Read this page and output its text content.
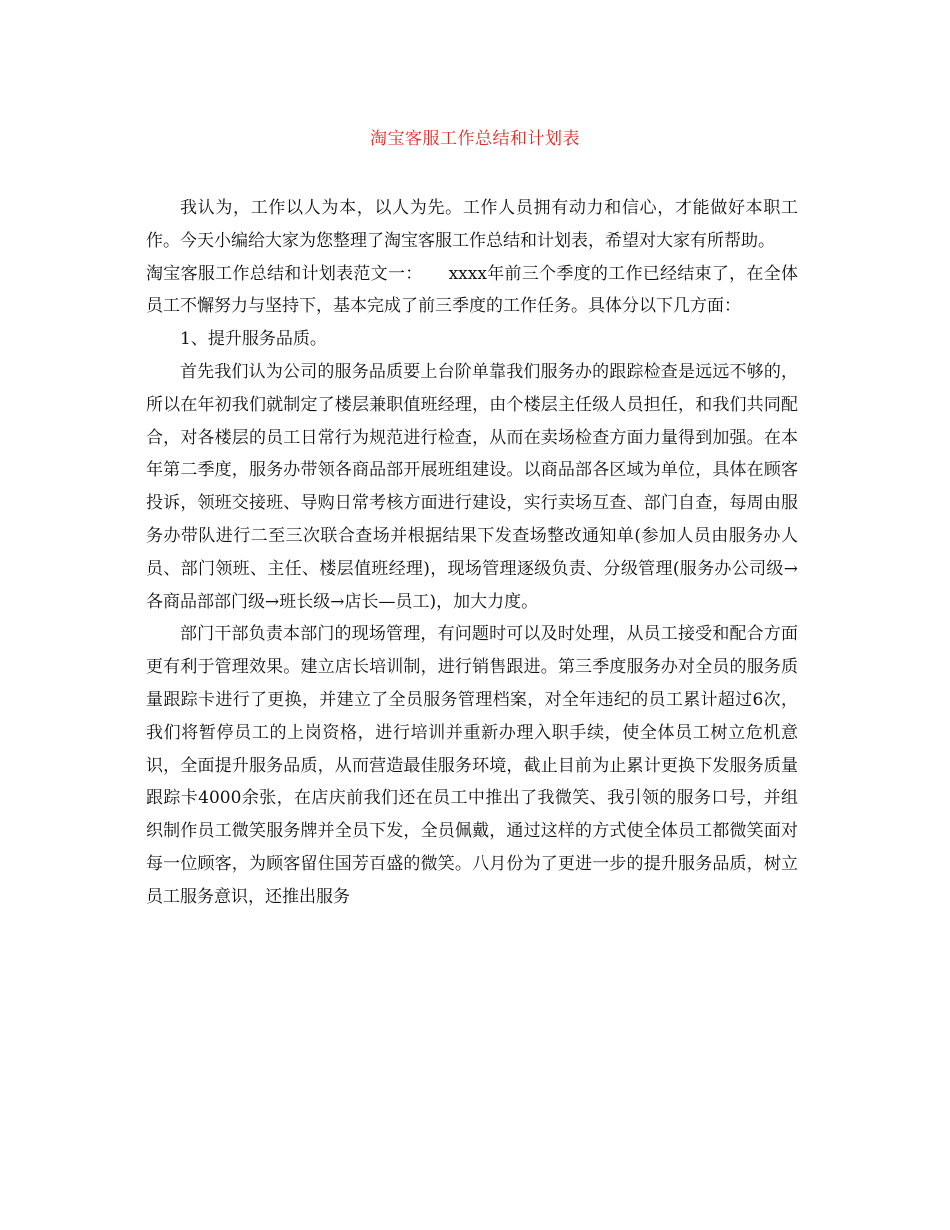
淘宝客服工作总结和计划表

我认为，工作以人为本，以人为先。工作人员拥有动力和信心，才能做好本职工作。今天小编给大家为您整理了淘宝客服工作总结和计划表，希望对大家有所帮助。

淘宝客服工作总结和计划表范文一：　　xxxx年前三个季度的工作已经结束了，在全体员工不懈努力与坚持下，基本完成了前三季度的工作任务。具体分以下几方面：

1、提升服务品质。

首先我们认为公司的服务品质要上台阶单靠我们服务办的跟踪检查是远远不够的，所以在年初我们就制定了楼层兼职值班经理，由个楼层主任级人员担任，和我们共同配合，对各楼层的员工日常行为规范进行检查，从而在卖场检查方面力量得到加强。在本年第二季度，服务办带领各商品部开展班组建设。以商品部各区域为单位，具体在顾客投诉，领班交接班、导购日常考核方面进行建设，实行卖场互查、部门自查，每周由服务办带队进行二至三次联合查场并根据结果下发查场整改通知单(参加人员由服务办人员、部门领班、主任、楼层值班经理)，现场管理逐级负责、分级管理(服务办公司级→各商品部部门级→班长级→店长—员工)，加大力度。

部门干部负责本部门的现场管理，有问题时可以及时处理，从员工接受和配合方面更有利于管理效果。建立店长培训制，进行销售跟进。第三季度服务办对全员的服务质量跟踪卡进行了更换，并建立了全员服务管理档案，对全年违纪的员工累计超过6次，我们将暂停员工的上岗资格，进行培训并重新办理入职手续，使全体员工树立危机意识，全面提升服务品质，从而营造最佳服务环境，截止目前为止累计更换下发服务质量跟踪卡4000余张，在店庆前我们还在员工中推出了我微笑、我引领的服务口号，并组织制作员工微笑服务牌并全员下发，全员佩戴，通过这样的方式使全体员工都微笑面对每一位顾客，为顾客留住国芳百盛的微笑。八月份为了更进一步的提升服务品质，树立员工服务意识，还推出服务
